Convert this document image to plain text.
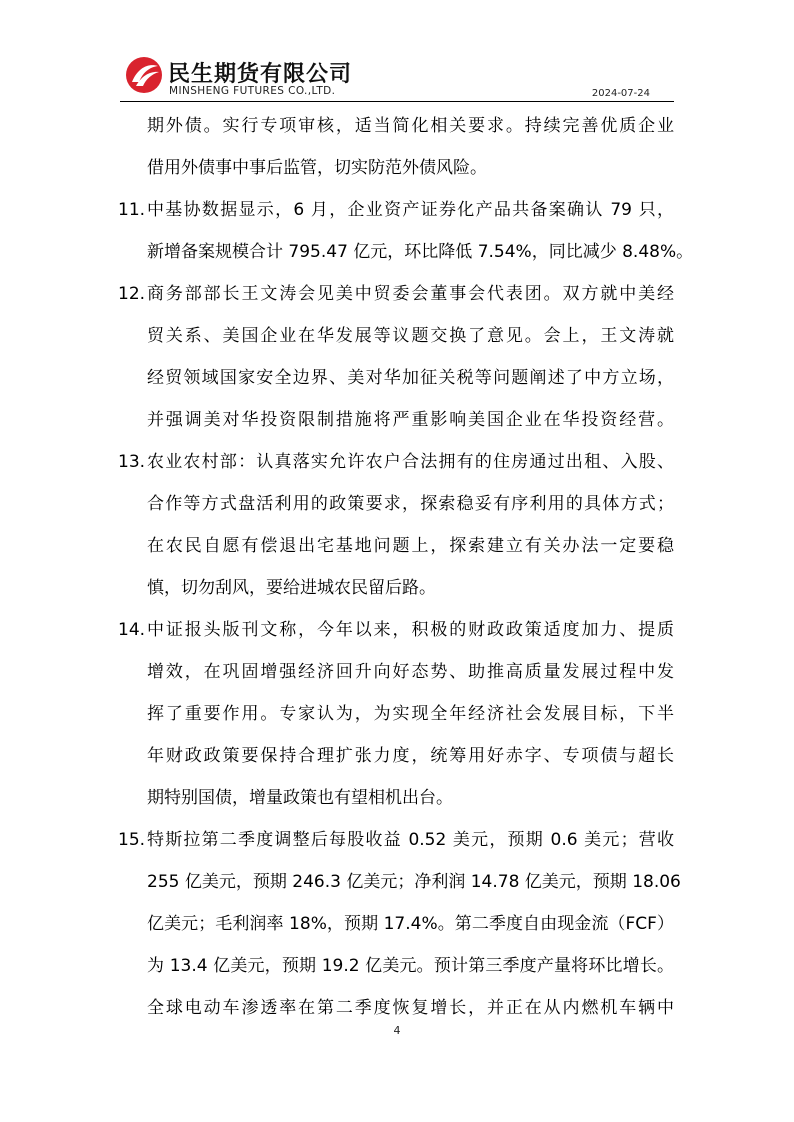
民生期货有限公司
MINSHENG FUTURES CO.,LTD.	2024-07-24
期外债。实行专项审核，适当简化相关要求。持续完善优质企业
借用外债事中事后监管，切实防范外债风险。
11. 中基协数据显示，6 月，企业资产证券化产品共备案确认 79 只，
新增备案规模合计 795.47 亿元，环比降低 7.54%，同比减少 8.48%。
12. 商务部部长王文涛会见美中贸委会董事会代表团。双方就中美经
贸关系、美国企业在华发展等议题交换了意见。会上，王文涛就
经贸领域国家安全边界、美对华加征关税等问题阐述了中方立场，
并强调美对华投资限制措施将严重影响美国企业在华投资经营。
13. 农业农村部：认真落实允许农户合法拥有的住房通过出租、入股、
合作等方式盘活利用的政策要求，探索稳妥有序利用的具体方式；
在农民自愿有偿退出宅基地问题上，探索建立有关办法一定要稳
慎，切勿刮风，要给进城农民留后路。
14. 中证报头版刊文称，今年以来，积极的财政政策适度加力、提质
增效，在巩固增强经济回升向好态势、助推高质量发展过程中发
挥了重要作用。专家认为，为实现全年经济社会发展目标，下半
年财政政策要保持合理扩张力度，统筹用好赤字、专项债与超长
期特别国债，增量政策也有望相机出台。
15. 特斯拉第二季度调整后每股收益 0.52 美元，预期 0.6 美元；营收
255 亿美元，预期 246.3 亿美元；净利润 14.78 亿美元，预期 18.06
亿美元；毛利润率 18%，预期 17.4%。第二季度自由现金流（FCF）
为 13.4 亿美元，预期 19.2 亿美元。预计第三季度产量将环比增长。
全球电动车渗透率在第二季度恢复增长，并正在从内燃机车辆中
4
